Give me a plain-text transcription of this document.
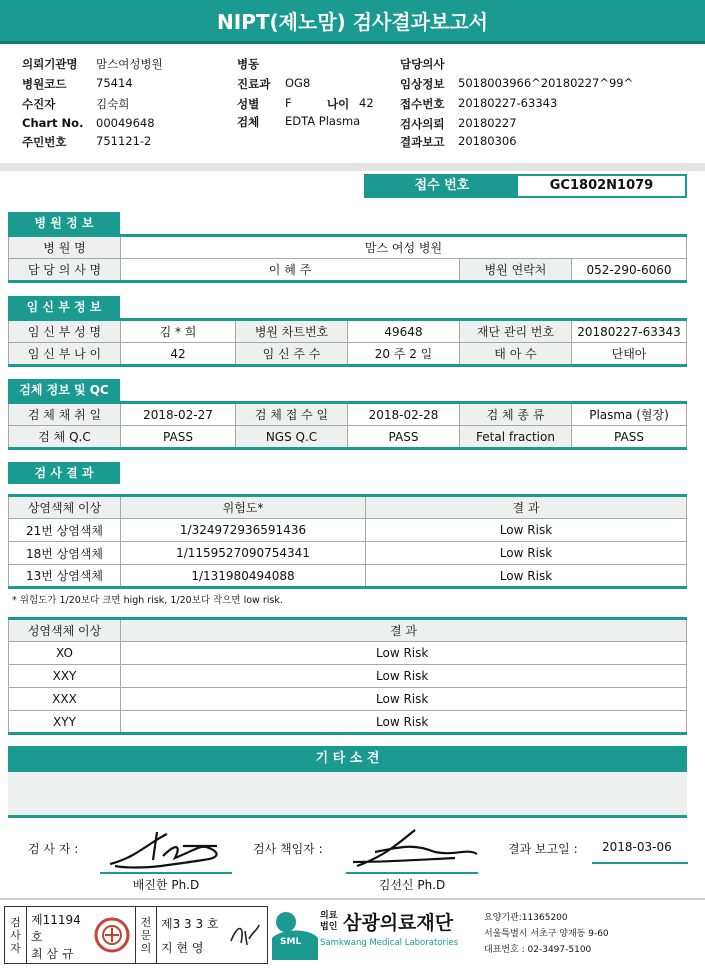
NIPT(제노맘) 검사결과보고서
의뢰기관명 맘스여성병원
병원코드	75414
수진자	김숙희
Chart No. 00049648
주민번호	751121-2
병동
진료과 OG8
성별 F	나이 42
검체 EDTA Plasma
담당의사
임상정보 5018003966^20180227^99^
접수번호 20180227-63343
검사의뢰 20180227
결과보고 20180306
접수 번호	GC1802N1079
병 원 정 보
병 원 명	맘스 여성 병원		
담 당 의 사 명	이 혜 주	병원 연락처	052-290-6060
임 신 부 정 보
임 신 부 성 명	김 * 희	병원 차트번호	49648	재단 관리 번호	20180227-63343
임 신 부 나 이	42	임 신 주 수	20 주 2 일	태 아 수	단태아
검체 정보 및 QC
검 체 채 취 일	2018-02-27	검 체 접 수 일	2018-02-28	검 체 종 류	Plasma (혈장)
검 체 Q.C	PASS	NGS Q.C	PASS	Fetal fraction	PASS
검 사 결 과
상염색체 이상	위험도*	결 과
21번 상염색체	1/324972936591436	Low Risk
18번 상염색체	1/1159527090754341	Low Risk
13번 상염색체	1/131980494088	Low Risk
* 위험도가 1/20보다 크면 high risk, 1/20보다 작으면 low risk.
성염색체 이상	결 과
XO	Low Risk
XXY	Low Risk
XXX	Low Risk
XYY	Low Risk
기 타 소 견
검 사 자 :
배진한 Ph.D
검사 책임자 :
김선신 Ph.D
결과 보고일 : 2018-03-06
검
사
자
제11194호
최 삼 규
전
문
의
제3 3 3 호
지 현 영	SML
의료법인 삼광의료재단
Samkwang Medical Laboratories
요양기관:11365200
서울특별시 서초구 양재동 9-60
대표번호 : 02-3497-5100
